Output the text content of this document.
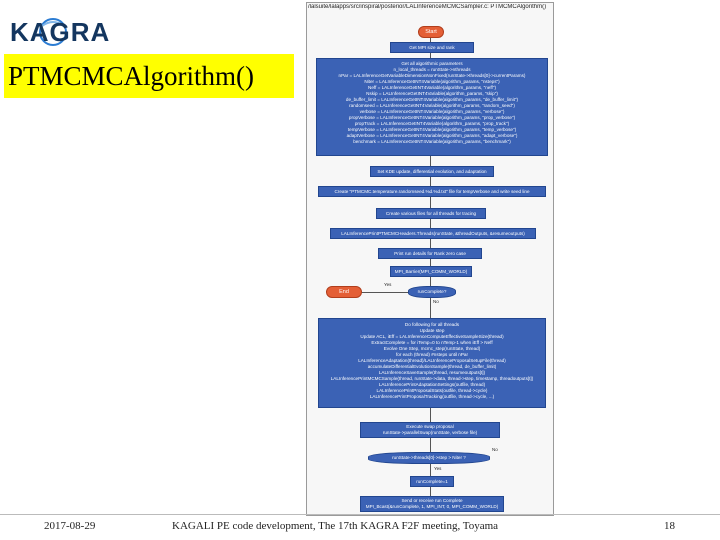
KAGRA
PTMCMCAlgorithm()
/lalsuite/lalapps/src/inspiral/posterior/LALInferenceMCMCSampler.c: PTMCMCAlgorithm()
Start
Get MPI size and rank
Get all algorithmic parameters
n_local_threads = runState->nthreads
nPar = LALInferenceGetVariableDimensionNonFixed(runState->threads[0]->currentParams)
Niter = LALInferenceGetINT4Variable(algorithm_params, "nsteps")
Neff = LALInferenceGetINT4Variable(algorithm_params, "neff")
Nskip = LALInferenceGetINT4Variable(algorithm_params, "skip")
de_buffer_limit = LALInferenceGetINT4Variable(algorithm_params, "de_buffer_limit")
randomseed = LALInferenceGetINT4Variable(algorithm_params, "random_seed")
verbose = LALInferenceGetINT4Variable(algorithm_params, "verbose")
propVerbose = LALInferenceGetINT4Variable(algorithm_params, "prop_verbose")
propTrack = LALInferenceGetINT4Variable(algorithm_params, "prop_track")
tempVerbose = LALInferenceGetINT4Variable(algorithm_params, "temp_verbose")
adaptVerbose = LALInferenceGetINT4Variable(algorithm_params, "adapt_verbose")
benchmark = LALInferenceGetINT4Variable(algorithm_params, "benchmark")
Set KDE update, differential evolution, and adaptation
Create "PTMCMC.temperature.randomseed.%d.%d.txt" file for tempVerbose and write seed line
Create various files for all threads for tracing
LALInferencePrintPTMCMCHeaders.Threads(runState, &threadOutputs, &resumeoutputs)
Print run details for Rank zero case
MPI_Barrier(MPI_COMM_WORLD)
Yes
End	runComplete?
No
Do following for all threads
Update step
Update ACL, iEff = LALInferenceComputeEffectiveSampleSize(thread)
ExtractComplete = for iTemp=0 to nTemp-1 when iEff > Neff
Evolve One Step, mcmc_step(runState, thread)
for each (thread) #nsteps until nPar
LALInferenceAdaptation(thread)/LALInferenceProposalSetupFile(thread)
accumulateDifferentialEvolutionSample(thread, de_buffer_limit)
LALInferenceSaveSample(thread, resumeoutputs[t])
LALInferencePrintMCMCSample(thread, runState->data, thread->step, timestamp, threadoutputs[t])
LALInferencePrintAdaptationSettings(outfile, thread)
LALInferencePrintProposalStats(outfile, thread->cycle)
LALInferencePrintProposalTracking(outfile, thread->cycle, ...)
Execute swap proposal
runState->parallelSwap(runState, verbose file)
runState->threads[0]->step > Niter ?
No
Yes
runComplete=1
Send or receive run Complete
MPI_Bcast(&runComplete, 1, MPI_INT, 0, MPI_COMM_WORLD)
2017-08-29	KAGALI PE code development, The 17th KAGRA F2F meeting, Toyama	18
